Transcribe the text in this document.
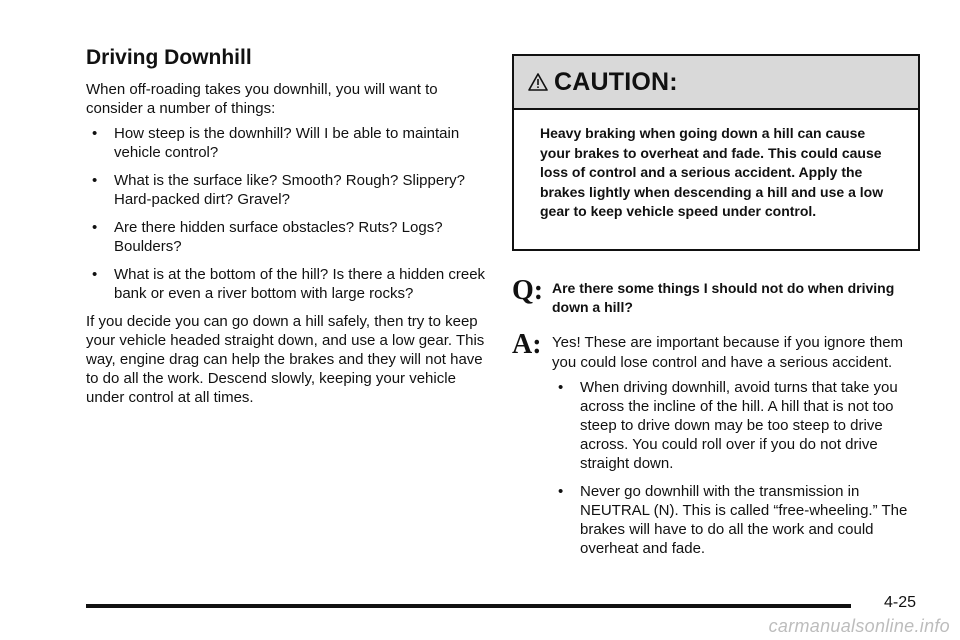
Driving Downhill

When off-roading takes you downhill, you will want to consider a number of things:

• How steep is the downhill? Will I be able to maintain vehicle control?
• What is the surface like? Smooth? Rough? Slippery? Hard-packed dirt? Gravel?
• Are there hidden surface obstacles? Ruts? Logs? Boulders?
• What is at the bottom of the hill? Is there a hidden creek bank or even a river bottom with large rocks?

If you decide you can go down a hill safely, then try to keep your vehicle headed straight down, and use a low gear. This way, engine drag can help the brakes and they will not have to do all the work. Descend slowly, keeping your vehicle under control at all times.

CAUTION:
Heavy braking when going down a hill can cause your brakes to overheat and fade. This could cause loss of control and a serious accident. Apply the brakes lightly when descending a hill and use a low gear to keep vehicle speed under control.
Q: Are there some things I should not do when driving down a hill?
A: Yes! These are important because if you ignore them you could lose control and have a serious accident.
• When driving downhill, avoid turns that take you across the incline of the hill. A hill that is not too steep to drive down may be too steep to drive across. You could roll over if you do not drive straight down.
• Never go downhill with the transmission in NEUTRAL (N). This is called “free-wheeling.” The brakes will have to do all the work and could overheat and fade.
4-25
carmanualsonline.info
